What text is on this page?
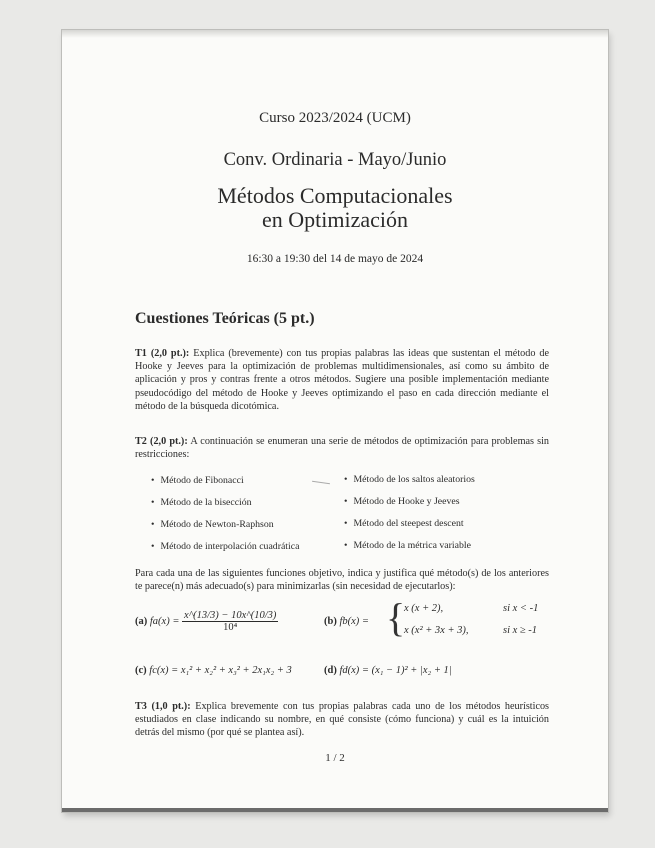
Curso 2023/2024 (UCM)
Conv. Ordinaria - Mayo/Junio
Métodos Computacionales
en Optimización
16:30 a 19:30 del 14 de mayo de 2024
Cuestiones Teóricas (5 pt.)
T1 (2,0 pt.): Explica (brevemente) con tus propias palabras las ideas que sustentan el método de Hooke y Jeeves para la optimización de problemas multidimensionales, así como su ámbito de aplicación y pros y contras frente a otros métodos. Sugiere una posible implementación mediante pseudocódigo del método de Hooke y Jeeves optimizando el paso en cada dirección mediante el método de la búsqueda dicotómica.
T2 (2,0 pt.): A continuación se enumeran una serie de métodos de optimización para problemas sin restricciones:
• Método de Fibonacci
• Método de la bisección
• Método de Newton-Raphson
• Método de interpolación cuadrática
• Método de los saltos aleatorios
• Método de Hooke y Jeeves
• Método del steepest descent
• Método de la métrica variable
Para cada una de las siguientes funciones objetivo, indica y justifica qué método(s) de los anteriores te parece(n) más adecuado(s) para minimizarlas (sin necesidad de ejecutarlos):
(a) $fa(x) = \frac{x\^{}(13/3) - 10x\^{}(10/3)}{\text{10⁴}}$	(b) fb(x) = {
x (x + 2),	si x < -1
x (x² + 3x + 3),	si x ≥ -1
(c) fc(x) = x₁² + x₂² + x₃² + 2x₁x₂ + 3	(d) fd(x) = (x₁ − 1)² + |x₂ + 1|
T3 (1,0 pt.): Explica brevemente con tus propias palabras cada uno de los métodos heurísticos estudiados en clase indicando su nombre, en qué consiste (cómo funciona) y cuál es la intuición detrás del mismo (por qué se plantea así).
1 / 2
